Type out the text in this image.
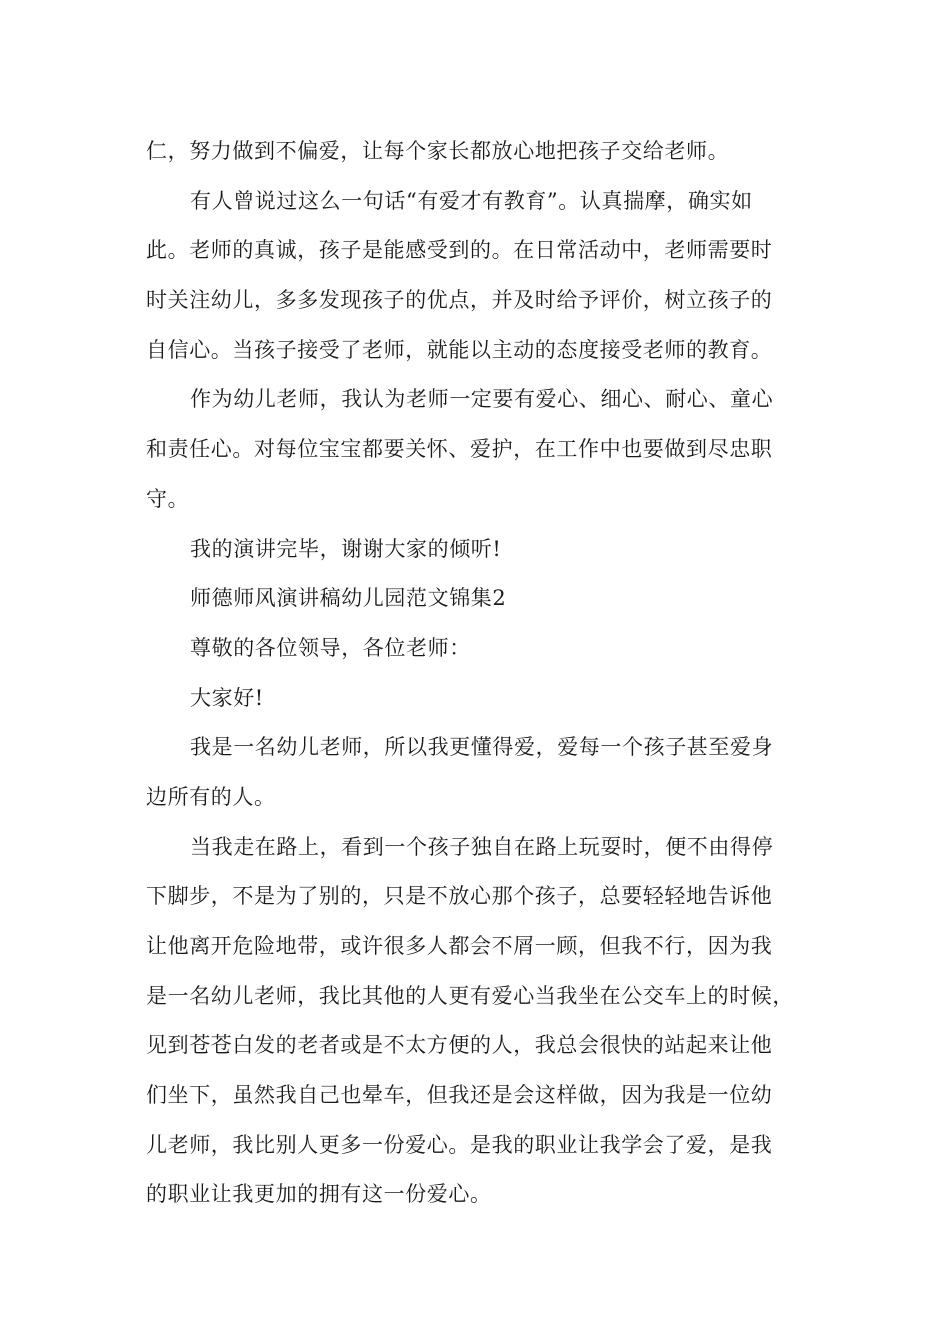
仁，努力做到不偏爱，让每个家长都放心地把孩子交给老师。
有人曾说过这么一句话“有爱才有教育”。认真揣摩，确实如
此。老师的真诚，孩子是能感受到的。在日常活动中，老师需要时
时关注幼儿，多多发现孩子的优点，并及时给予评价，树立孩子的
自信心。当孩子接受了老师，就能以主动的态度接受老师的教育。
作为幼儿老师，我认为老师一定要有爱心、细心、耐心、童心
和责任心。对每位宝宝都要关怀、爱护，在工作中也要做到尽忠职
守。
我的演讲完毕，谢谢大家的倾听!
师德师风演讲稿幼儿园范文锦集2
尊敬的各位领导，各位老师：
大家好!
我是一名幼儿老师，所以我更懂得爱，爱每一个孩子甚至爱身
边所有的人。
当我走在路上，看到一个孩子独自在路上玩耍时，便不由得停
下脚步，不是为了别的，只是不放心那个孩子，总要轻轻地告诉他
让他离开危险地带，或许很多人都会不屑一顾，但我不行，因为我
是一名幼儿老师，我比其他的人更有爱心当我坐在公交车上的时候，
见到苍苍白发的老者或是不太方便的人，我总会很快的站起来让他
们坐下，虽然我自己也晕车，但我还是会这样做，因为我是一位幼
儿老师，我比别人更多一份爱心。是我的职业让我学会了爱，是我
的职业让我更加的拥有这一份爱心。
